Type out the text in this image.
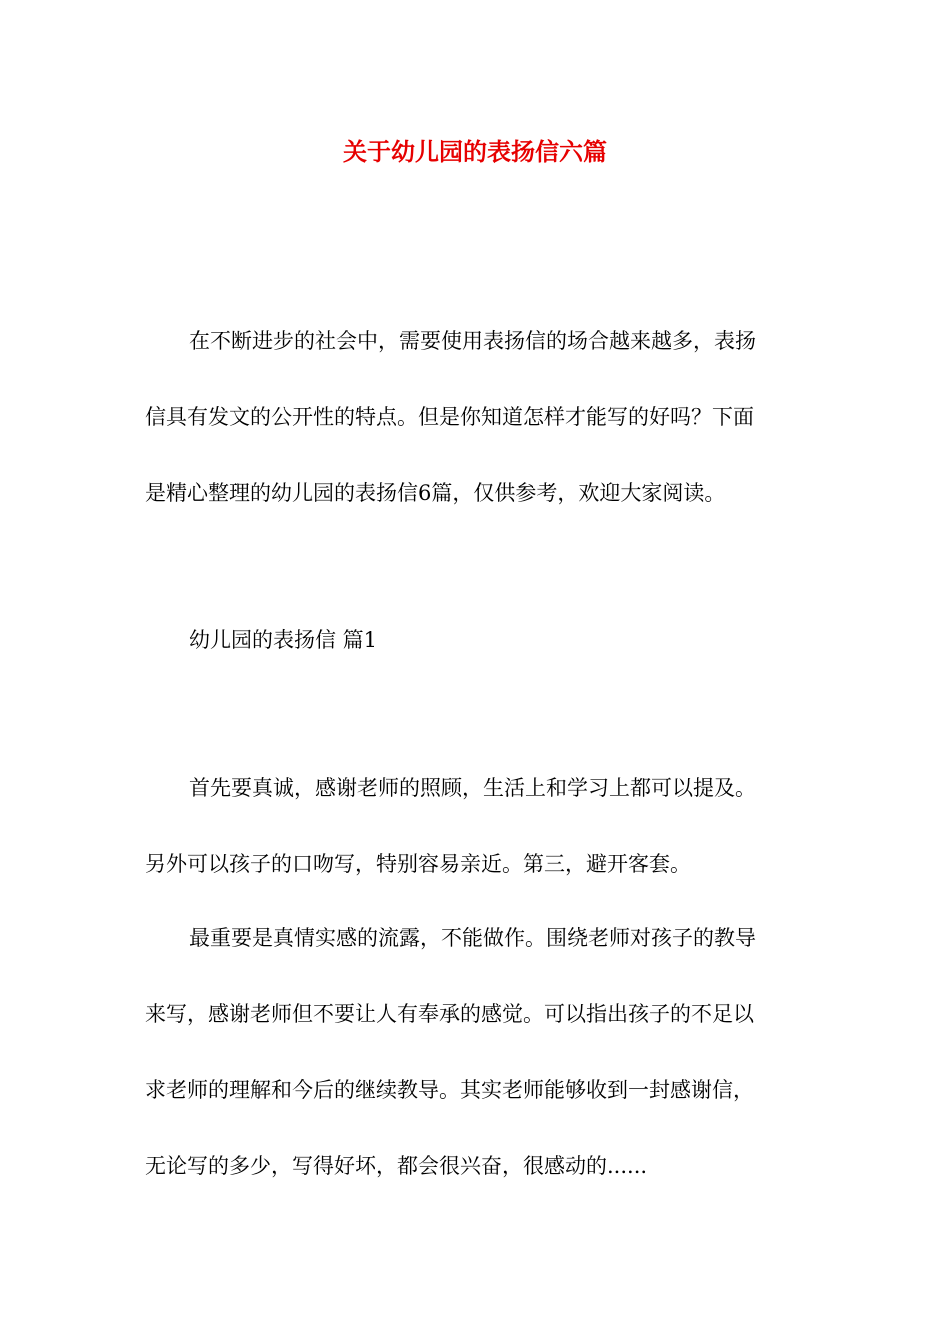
关于幼儿园的表扬信六篇
在不断进步的社会中，需要使用表扬信的场合越来越多，表扬
信具有发文的公开性的特点。但是你知道怎样才能写的好吗？下面
是精心整理的幼儿园的表扬信6篇，仅供参考，欢迎大家阅读。
幼儿园的表扬信 篇1
首先要真诚，感谢老师的照顾，生活上和学习上都可以提及。
另外可以孩子的口吻写，特别容易亲近。第三，避开客套。
最重要是真情实感的流露，不能做作。围绕老师对孩子的教导
来写，感谢老师但不要让人有奉承的感觉。可以指出孩子的不足以
求老师的理解和今后的继续教导。其实老师能够收到一封感谢信，
无论写的多少，写得好坏，都会很兴奋，很感动的......
